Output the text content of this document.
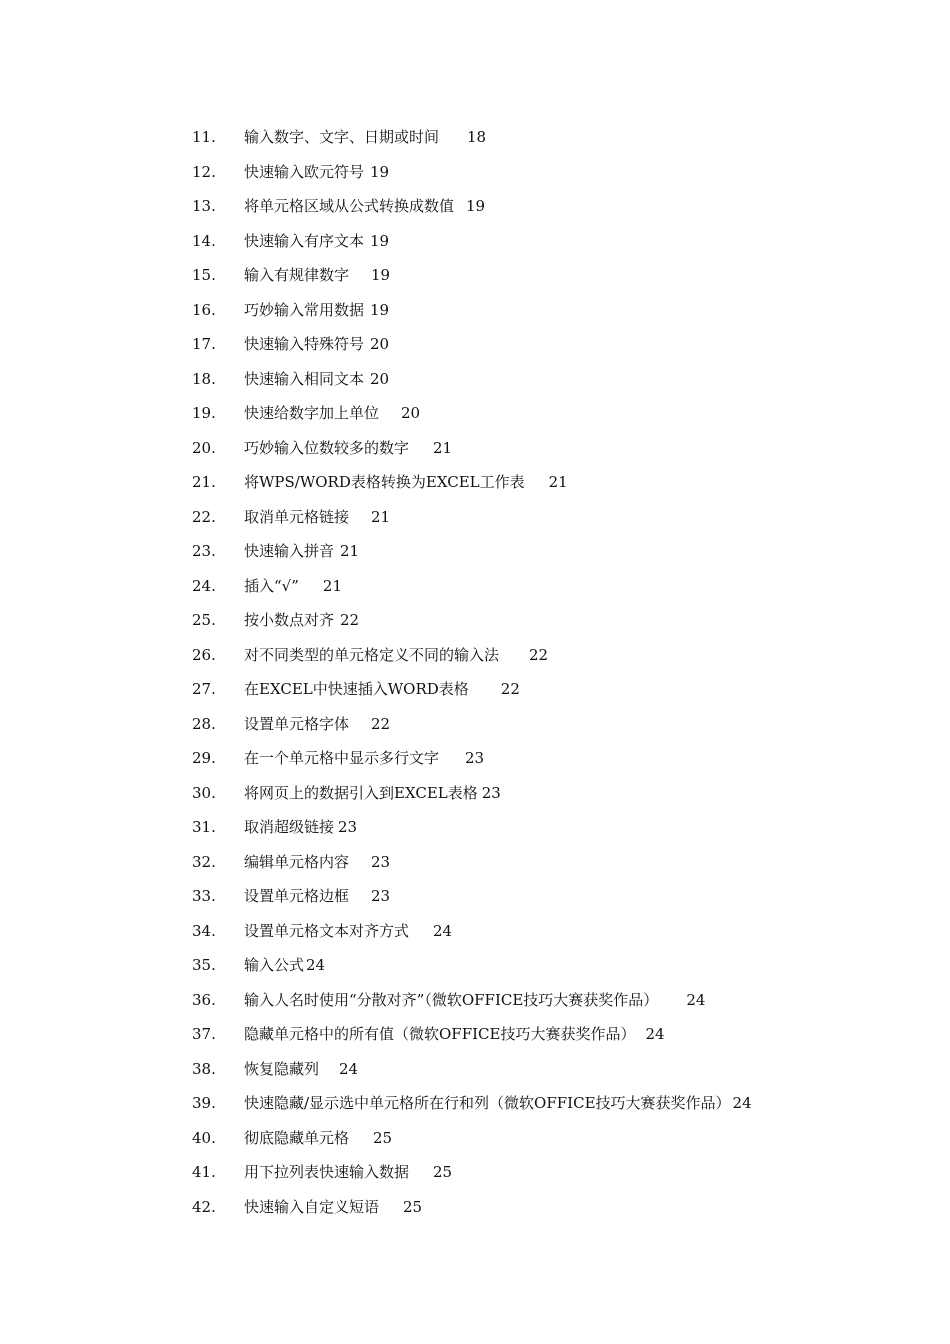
11. 输入数字、文字、日期或时间 18
12. 快速输入欧元符号 19
13. 将单元格区域从公式转换成数值 19
14. 快速输入有序文本 19
15. 输入有规律数字 19
16. 巧妙输入常用数据 19
17. 快速输入特殊符号 20
18. 快速输入相同文本 20
19. 快速给数字加上单位 20
20. 巧妙输入位数较多的数字 21
21. 将WPS/WORD表格转换为EXCEL工作表 21
22. 取消单元格链接 21
23. 快速输入拼音 21
24. 插入“√” 21
25. 按小数点对齐 22
26. 对不同类型的单元格定义不同的输入法 22
27. 在EXCEL中快速插入WORD表格 22
28. 设置单元格字体 22
29. 在一个单元格中显示多行文字 23
30. 将网页上的数据引入到EXCEL表格 23
31. 取消超级链接 23
32. 编辑单元格内容 23
33. 设置单元格边框 23
34. 设置单元格文本对齐方式 24
35. 输入公式 24
36. 输入人名时使用“分散对齐”（微软OFFICE技巧大赛获奖作品） 24
37. 隐藏单元格中的所有值（微软OFFICE技巧大赛获奖作品） 24
38. 恢复隐藏列 24
39. 快速隐藏/显示选中单元格所在行和列（微软OFFICE技巧大赛获奖作品） 24
40. 彻底隐藏单元格 25
41. 用下拉列表快速输入数据 25
42. 快速输入自定义短语 25
